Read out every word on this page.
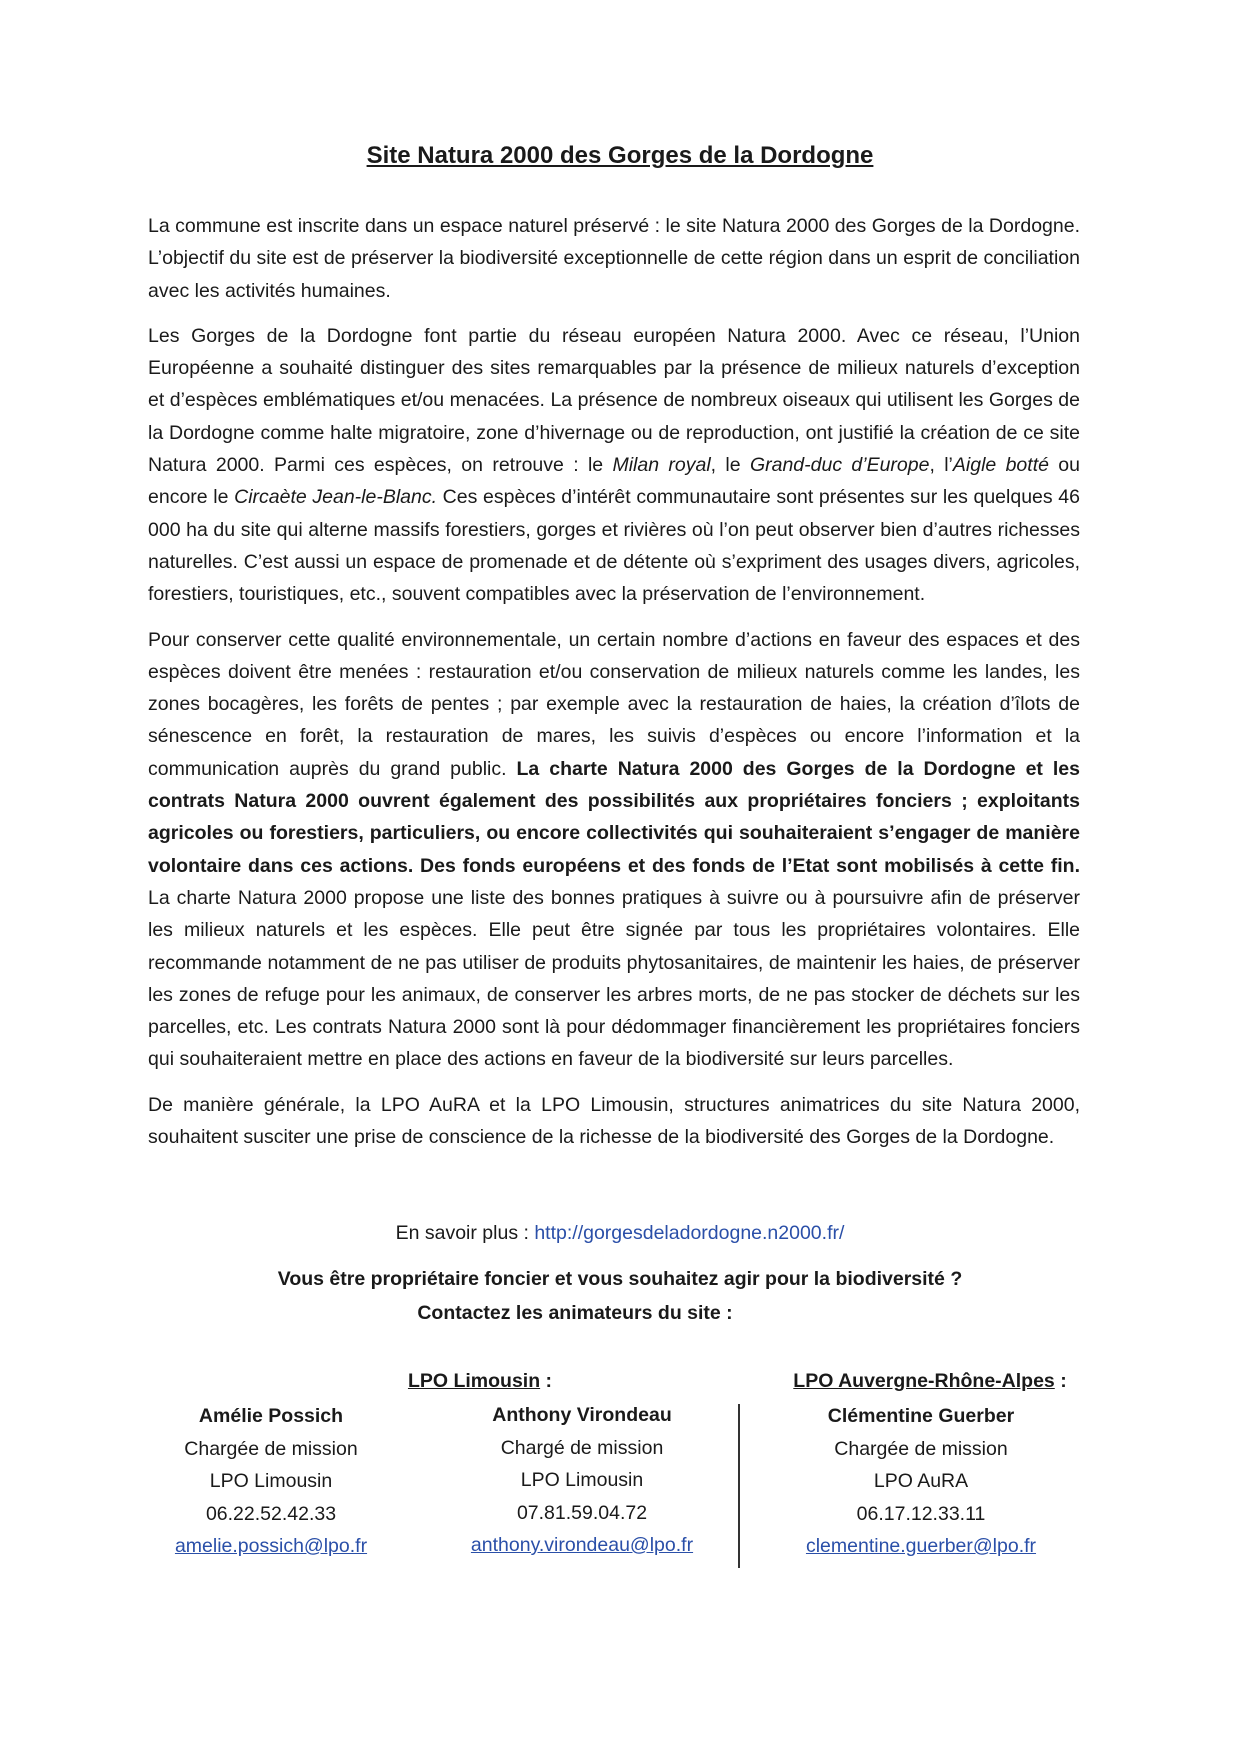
Site Natura 2000 des Gorges de la Dordogne

La commune est inscrite dans un espace naturel préservé : le site Natura 2000 des Gorges de la Dordogne. L’objectif du site est de préserver la biodiversité exceptionnelle de cette région dans un esprit de conciliation avec les activités humaines.

Les Gorges de la Dordogne font partie du réseau européen Natura 2000. Avec ce réseau, l’Union Européenne a souhaité distinguer des sites remarquables par la présence de milieux naturels d’exception et d’espèces emblématiques et/ou menacées. La présence de nombreux oiseaux qui utilisent les Gorges de la Dordogne comme halte migratoire, zone d’hivernage ou de reproduction, ont justifié la création de ce site Natura 2000. Parmi ces espèces, on retrouve : le Milan royal, le Grand-duc d’Europe, l’Aigle botté ou encore le Circaète Jean-le-Blanc. Ces espèces d’intérêt communautaire sont présentes sur les quelques 46 000 ha du site qui alterne massifs forestiers, gorges et rivières où l’on peut observer bien d’autres richesses naturelles. C’est aussi un espace de promenade et de détente où s’expriment des usages divers, agricoles, forestiers, touristiques, etc., souvent compatibles avec la préservation de l’environnement.

Pour conserver cette qualité environnementale, un certain nombre d’actions en faveur des espaces et des espèces doivent être menées : restauration et/ou conservation de milieux naturels comme les landes, les zones bocagères, les forêts de pentes ; par exemple avec la restauration de haies, la création d’îlots de sénescence en forêt, la restauration de mares, les suivis d’espèces ou encore l’information et la communication auprès du grand public. La charte Natura 2000 des Gorges de la Dordogne et les contrats Natura 2000 ouvrent également des possibilités aux propriétaires fonciers ; exploitants agricoles ou forestiers, particuliers, ou encore collectivités qui souhaiteraient s’engager de manière volontaire dans ces actions. Des fonds européens et des fonds de l’Etat sont mobilisés à cette fin. La charte Natura 2000 propose une liste des bonnes pratiques à suivre ou à poursuivre afin de préserver les milieux naturels et les espèces. Elle peut être signée par tous les propriétaires volontaires. Elle recommande notamment de ne pas utiliser de produits phytosanitaires, de maintenir les haies, de préserver les zones de refuge pour les animaux, de conserver les arbres morts, de ne pas stocker de déchets sur les parcelles, etc. Les contrats Natura 2000 sont là pour dédommager financièrement les propriétaires fonciers qui souhaiteraient mettre en place des actions en faveur de la biodiversité sur leurs parcelles.

De manière générale, la LPO AuRA et la LPO Limousin, structures animatrices du site Natura 2000, souhaitent susciter une prise de conscience de la richesse de la biodiversité des Gorges de la Dordogne.

En savoir plus : http://gorgesdeladordogne.n2000.fr/
Vous être propriétaire foncier et vous souhaitez agir pour la biodiversité ?
Contactez les animateurs du site :
LPO Limousin :	LPO Auvergne-Rhône-Alpes :
Amélie Possich
Chargée de mission
LPO Limousin
06.22.52.42.33
amelie.possich@lpo.fr
Anthony Virondeau
Chargé de mission
LPO Limousin
07.81.59.04.72
anthony.virondeau@lpo.fr
Clémentine Guerber
Chargée de mission
LPO AuRA
06.17.12.33.11
clementine.guerber@lpo.fr
